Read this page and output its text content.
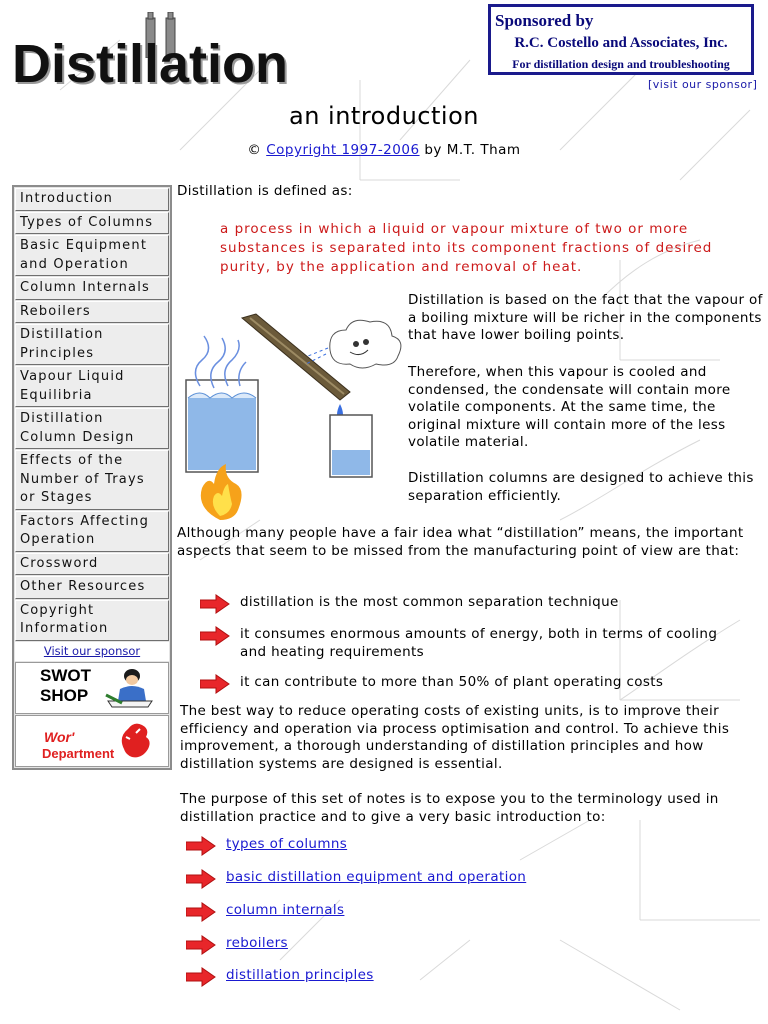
Distillation
Sponsored by
R.C. Costello and Associates, Inc.
For distillation design and troubleshooting
[visit our sponsor]
an introduction
© Copyright 1997-2006 by M.T. Tham
Introduction
Types of Columns
Basic Equipment and Operation
Column Internals
Reboilers
Distillation Principles
Vapour Liquid Equilibria
Distillation Column Design
Effects of the Number of Trays or Stages
Factors Affecting Operation
Crossword
Other Resources
Copyright Information
Visit our sponsor
SWOT
SHOP
Wor'
Department
Distillation is defined as:
a process in which a liquid or vapour mixture of two or more substances is separated into its component fractions of desired purity, by the application and removal of heat.
Distillation is based on the fact that the vapour of a boiling mixture will be richer in the components that have lower boiling points.
Therefore, when this vapour is cooled and condensed, the condensate will contain more volatile components. At the same time, the original mixture will contain more of the less volatile material.
Distillation columns are designed to achieve this separation efficiently.
Although many people have a fair idea what “distillation” means, the important aspects that seem to be missed from the manufacturing point of view are that:
distillation is the most common separation technique
it consumes enormous amounts of energy, both in terms of cooling and heating requirements
it can contribute to more than 50% of plant operating costs
The best way to reduce operating costs of existing units, is to improve their efficiency and operation via process optimisation and control. To achieve this improvement, a thorough understanding of distillation principles and how distillation systems are designed is essential.
The purpose of this set of notes is to expose you to the terminology used in distillation practice and to give a very basic introduction to:
types of columns
basic distillation equipment and operation
column internals
reboilers
distillation principles
